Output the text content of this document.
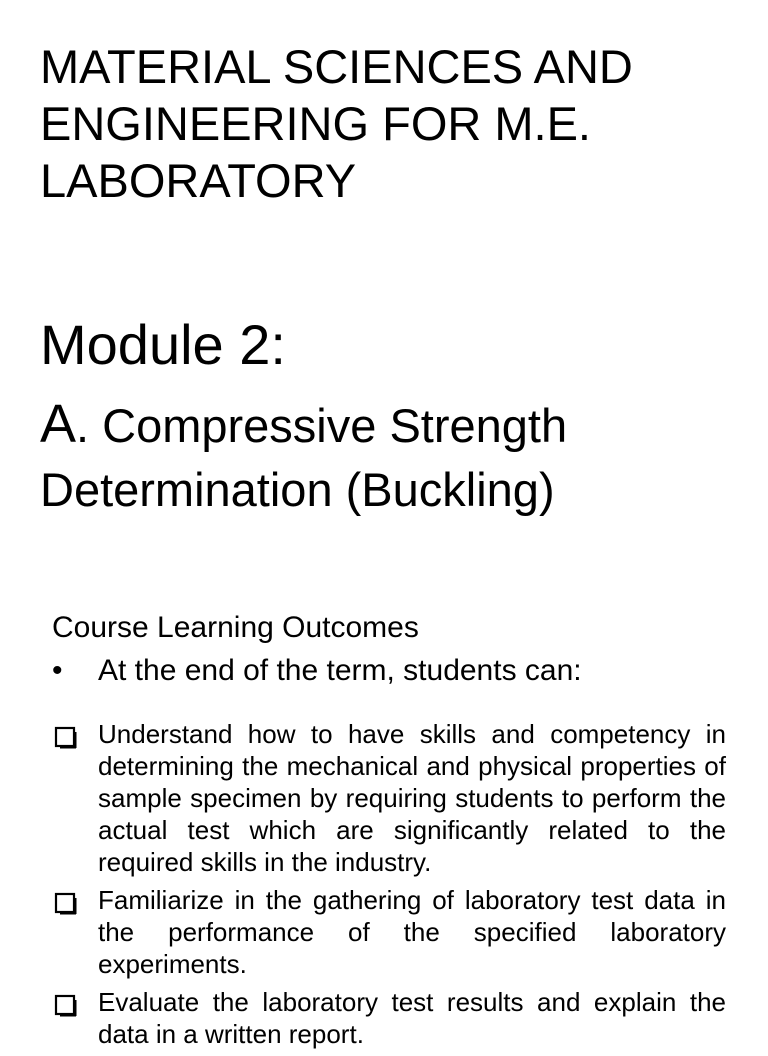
MATERIAL SCIENCES AND ENGINEERING FOR M.E. LABORATORY
Module 2:
A. Compressive Strength Determination (Buckling)
Course Learning Outcomes
•	At the end of the term, students can:
Understand how to have skills and competency in determining the mechanical and physical properties of sample specimen by requiring students to perform the actual test which are significantly related to the required skills in the industry.
Familiarize in the gathering of laboratory test data in the performance of the specified laboratory experiments.
Evaluate the laboratory test results and explain the data in a written report.
